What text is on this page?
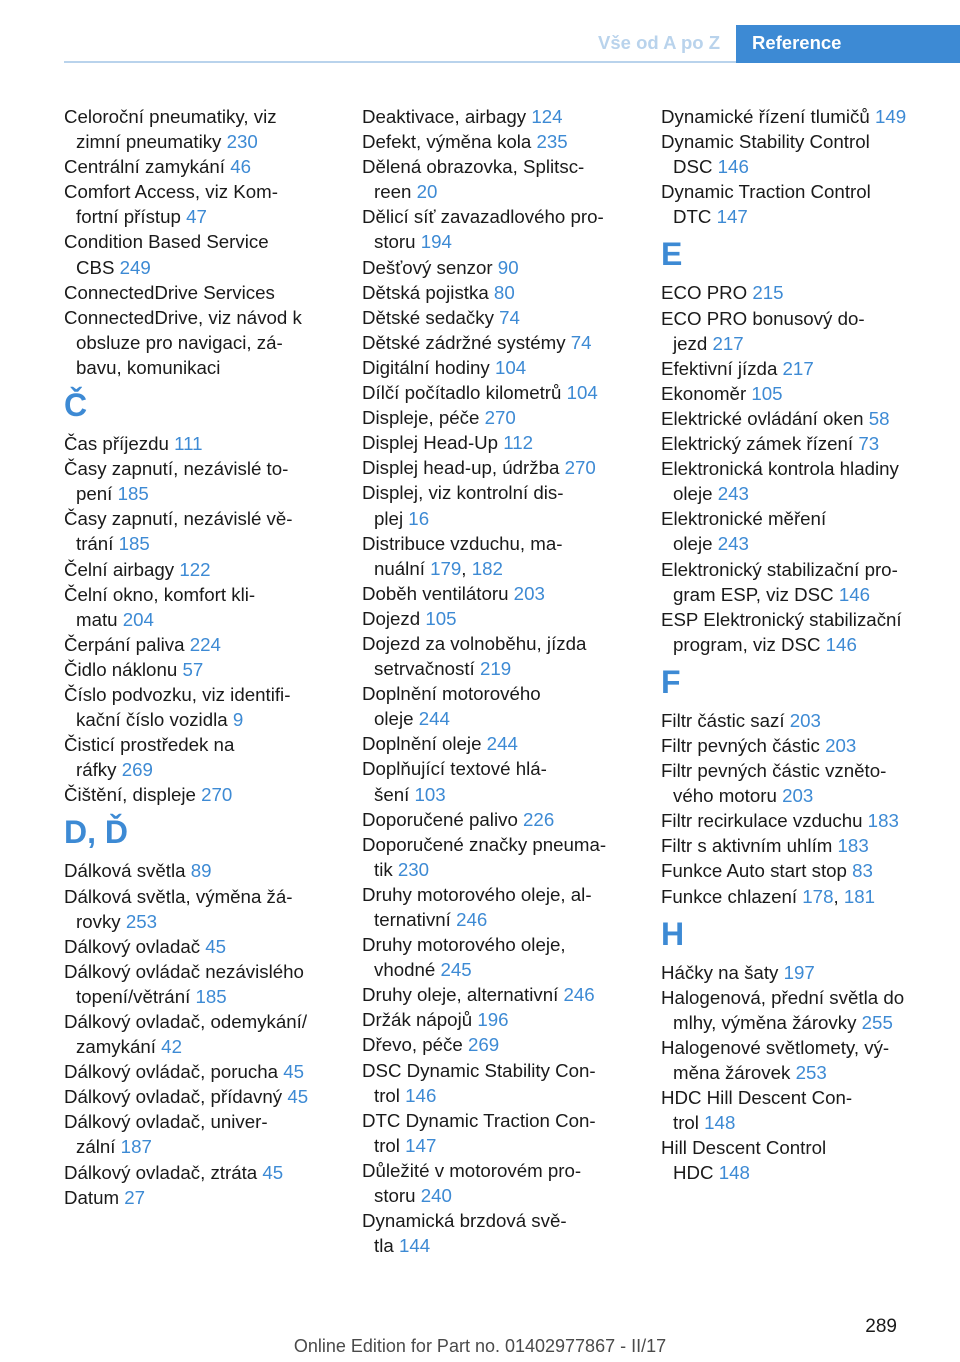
Vše od A po Z	Reference
Celoroční pneumatiky, viz
zimní pneumatiky 230
Centrální zamykání 46
Comfort Access, viz Kom‐
fortní přístup 47
Condition Based Service
CBS 249
ConnectedDrive Services
ConnectedDrive, viz návod k
obsluze pro navigaci, zá‐
bavu, komunikaci
Č
Čas příjezdu 111
Časy zapnutí, nezávislé to‐
pení 185
Časy zapnutí, nezávislé vě‐
trání 185
Čelní airbagy 122
Čelní okno, komfort kli‐
matu 204
Čerpání paliva 224
Čidlo náklonu 57
Číslo podvozku, viz identifi‐
kační číslo vozidla 9
Čisticí prostředek na
ráfky 269
Čištění, displeje 270
D, Ď
Dálková světla 89
Dálková světla, výměna žá‐
rovky 253
Dálkový ovladač 45
Dálkový ovládač nezávislého
topení/větrání 185
Dálkový ovladač, odemykání/
zamykání 42
Dálkový ovládač, porucha 45
Dálkový ovladač, přídavný 45
Dálkový ovladač, univer‐
zální 187
Dálkový ovladač, ztráta 45
Datum 27
Deaktivace, airbagy 124
Defekt, výměna kola 235
Dělená obrazovka, Splitsc‐
reen 20
Dělicí síť zavazadlového pro‐
storu 194
Dešťový senzor 90
Dětská pojistka 80
Dětské sedačky 74
Dětské zádržné systémy 74
Digitální hodiny 104
Dílčí počítadlo kilometrů 104
Displeje, péče 270
Displej Head-Up 112
Displej head-up, údržba 270
Displej, viz kontrolní dis‐
plej 16
Distribuce vzduchu, ma‐
nuální 179, 182
Doběh ventilátoru 203
Dojezd 105
Dojezd za volnoběhu, jízda
setrvačností 219
Doplnění motorového
oleje 244
Doplnění oleje 244
Doplňující textové hlá‐
šení 103
Doporučené palivo 226
Doporučené značky pneuma‐
tik 230
Druhy motorového oleje, al‐
ternativní 246
Druhy motorového oleje,
vhodné 245
Druhy oleje, alternativní 246
Držák nápojů 196
Dřevo, péče 269
DSC Dynamic Stability Con‐
trol 146
DTC Dynamic Traction Con‐
trol 147
Důležité v motorovém pro‐
storu 240
Dynamická brzdová svě‐
tla 144
Dynamické řízení tlumičů 149
Dynamic Stability Control
DSC 146
Dynamic Traction Control
DTC 147
E
ECO PRO 215
ECO PRO bonusový do‐
jezd 217
Efektivní jízda 217
Ekonoměr 105
Elektrické ovládání oken 58
Elektrický zámek řízení 73
Elektronická kontrola hladiny
oleje 243
Elektronické měření
oleje 243
Elektronický stabilizační pro‐
gram ESP, viz DSC 146
ESP Elektronický stabilizační
program, viz DSC 146
F
Filtr částic sazí 203
Filtr pevných částic 203
Filtr pevných částic vzněto‐
vého motoru 203
Filtr recirkulace vzduchu 183
Filtr s aktivním uhlím 183
Funkce Auto start stop 83
Funkce chlazení 178, 181
H
Háčky na šaty 197
Halogenová, přední světla do
mlhy, výměna žárovky 255
Halogenové světlomety, vý‐
měna žárovek 253
HDC Hill Descent Con‐
trol 148
Hill Descent Control
HDC 148
289
Online Edition for Part no. 01402977867 - II/17
